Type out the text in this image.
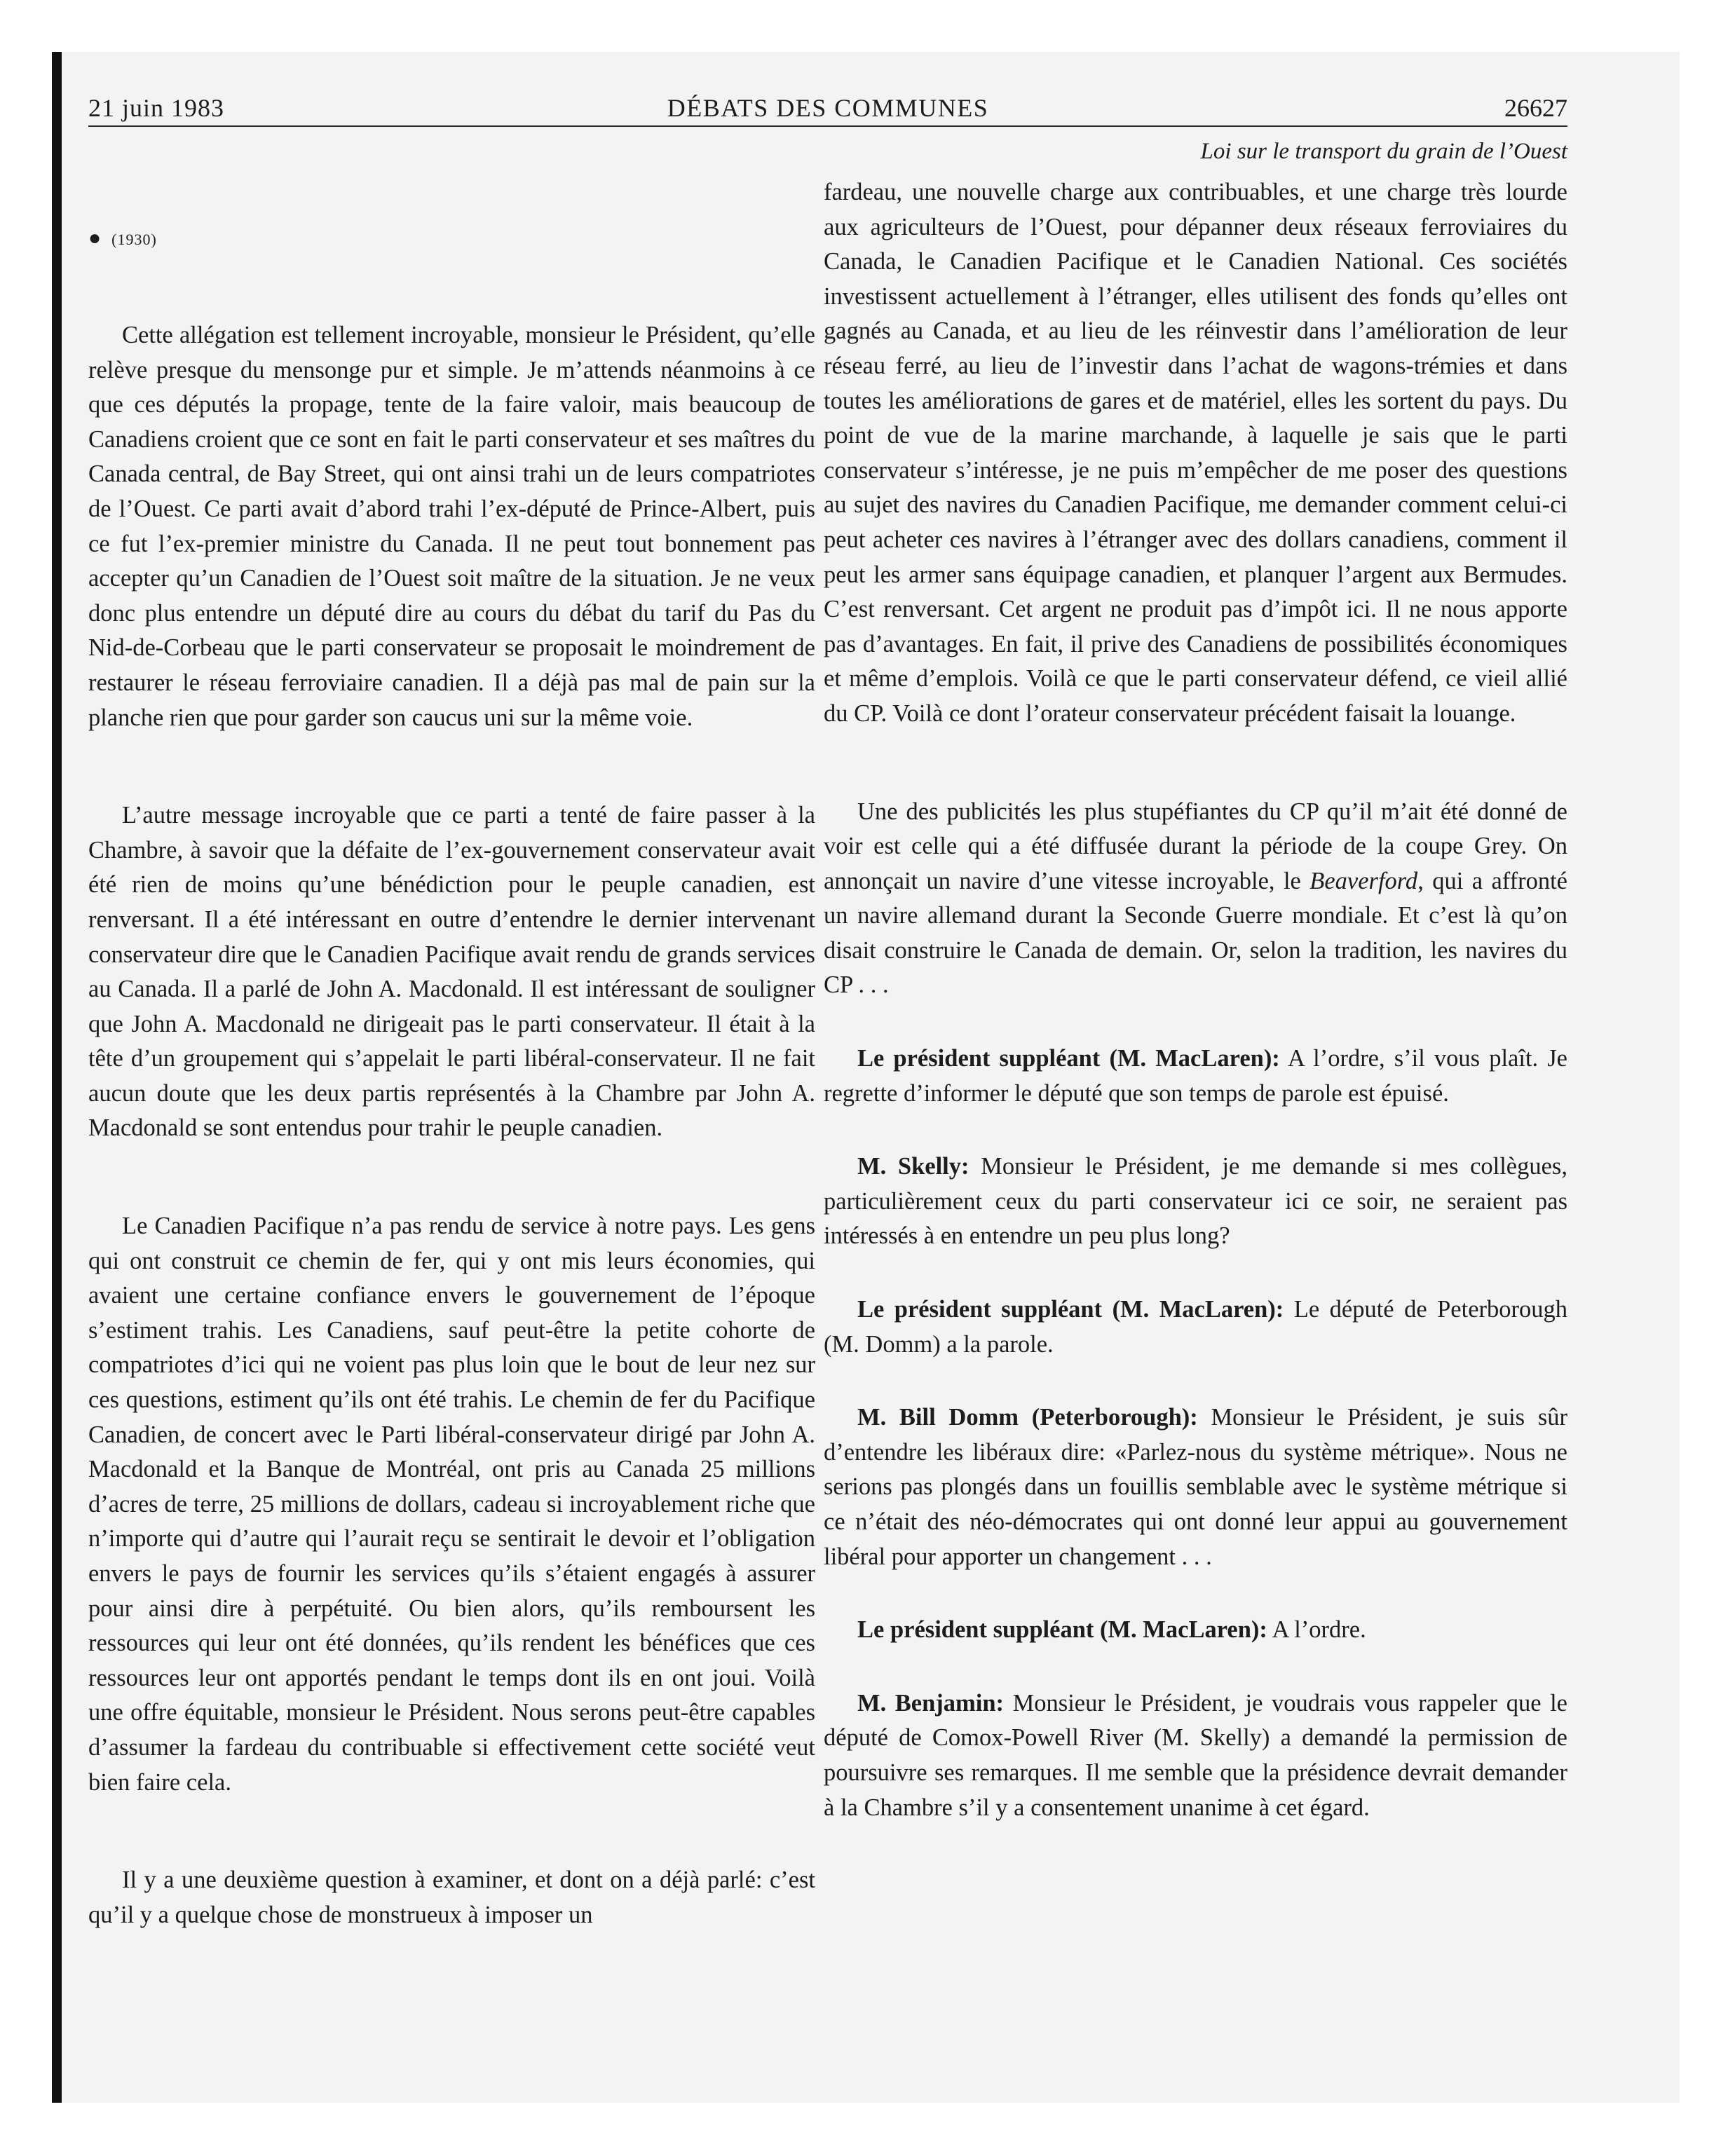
21 juin 1983	DÉBATS DES COMMUNES	26627
● (1930)

Cette allégation est tellement incroyable, monsieur le Président, qu’elle relève presque du mensonge pur et simple. Je m’attends néanmoins à ce que ces députés la propage, tente de la faire valoir, mais beaucoup de Canadiens croient que ce sont en fait le parti conservateur et ses maîtres du Canada central, de Bay Street, qui ont ainsi trahi un de leurs compatriotes de l’Ouest. Ce parti avait d’abord trahi l’ex-député de Prince-Albert, puis ce fut l’ex-premier ministre du Canada. Il ne peut tout bonnement pas accepter qu’un Canadien de l’Ouest soit maître de la situation. Je ne veux donc plus entendre un député dire au cours du débat du tarif du Pas du Nid-de-Corbeau que le parti conservateur se proposait le moindrement de restaurer le réseau ferroviaire canadien. Il a déjà pas mal de pain sur la planche rien que pour garder son caucus uni sur la même voie.

L’autre message incroyable que ce parti a tenté de faire passer à la Chambre, à savoir que la défaite de l’ex-gouvernement conservateur avait été rien de moins qu’une bénédiction pour le peuple canadien, est renversant. Il a été intéressant en outre d’entendre le dernier intervenant conservateur dire que le Canadien Pacifique avait rendu de grands services au Canada. Il a parlé de John A. Macdonald. Il est intéressant de souligner que John A. Macdonald ne dirigeait pas le parti conservateur. Il était à la tête d’un groupement qui s’appelait le parti libéral-conservateur. Il ne fait aucun doute que les deux partis représentés à la Chambre par John A. Macdonald se sont entendus pour trahir le peuple canadien.

Le Canadien Pacifique n’a pas rendu de service à notre pays. Les gens qui ont construit ce chemin de fer, qui y ont mis leurs économies, qui avaient une certaine confiance envers le gouvernement de l’époque s’estiment trahis. Les Canadiens, sauf peut-être la petite cohorte de compatriotes d’ici qui ne voient pas plus loin que le bout de leur nez sur ces questions, estiment qu’ils ont été trahis. Le chemin de fer du Pacifique Canadien, de concert avec le Parti libéral-conservateur dirigé par John A. Macdonald et la Banque de Montréal, ont pris au Canada 25 millions d’acres de terre, 25 millions de dollars, cadeau si incroyablement riche que n’importe qui d’autre qui l’aurait reçu se sentirait le devoir et l’obligation envers le pays de fournir les services qu’ils s’étaient engagés à assurer pour ainsi dire à perpétuité. Ou bien alors, qu’ils remboursent les ressources qui leur ont été données, qu’ils rendent les bénéfices que ces ressources leur ont apportés pendant le temps dont ils en ont joui. Voilà une offre équitable, monsieur le Président. Nous serons peut-être capables d’assumer la fardeau du contribuable si effectivement cette société veut bien faire cela.

Il y a une deuxième question à examiner, et dont on a déjà parlé: c’est qu’il y a quelque chose de monstrueux à imposer un

Loi sur le transport du grain de l’Ouest

fardeau, une nouvelle charge aux contribuables, et une charge très lourde aux agriculteurs de l’Ouest, pour dépanner deux réseaux ferroviaires du Canada, le Canadien Pacifique et le Canadien National. Ces sociétés investissent actuellement à l’étranger, elles utilisent des fonds qu’elles ont gagnés au Canada, et au lieu de les réinvestir dans l’amélioration de leur réseau ferré, au lieu de l’investir dans l’achat de wagons-trémies et dans toutes les améliorations de gares et de matériel, elles les sortent du pays. Du point de vue de la marine marchande, à laquelle je sais que le parti conservateur s’intéresse, je ne puis m’empêcher de me poser des questions au sujet des navires du Canadien Pacifique, me demander comment celui-ci peut acheter ces navires à l’étranger avec des dollars canadiens, comment il peut les armer sans équipage canadien, et planquer l’argent aux Bermudes. C’est renversant. Cet argent ne produit pas d’impôt ici. Il ne nous apporte pas d’avantages. En fait, il prive des Canadiens de possibilités économiques et même d’emplois. Voilà ce que le parti conservateur défend, ce vieil allié du CP. Voilà ce dont l’orateur conservateur précédent faisait la louange.

Une des publicités les plus stupéfiantes du CP qu’il m’ait été donné de voir est celle qui a été diffusée durant la période de la coupe Grey. On annonçait un navire d’une vitesse incroyable, le Beaverford, qui a affronté un navire allemand durant la Seconde Guerre mondiale. Et c’est là qu’on disait construire le Canada de demain. Or, selon la tradition, les navires du CP . . .

Le président suppléant (M. MacLaren): A l’ordre, s’il vous plaît. Je regrette d’informer le député que son temps de parole est épuisé.

M. Skelly: Monsieur le Président, je me demande si mes collègues, particulièrement ceux du parti conservateur ici ce soir, ne seraient pas intéressés à en entendre un peu plus long?

Le président suppléant (M. MacLaren): Le député de Peterborough (M. Domm) a la parole.

M. Bill Domm (Peterborough): Monsieur le Président, je suis sûr d’entendre les libéraux dire: «Parlez-nous du système métrique». Nous ne serions pas plongés dans un fouillis semblable avec le système métrique si ce n’était des néo-démocrates qui ont donné leur appui au gouvernement libéral pour apporter un changement . . .

Le président suppléant (M. MacLaren): A l’ordre.

M. Benjamin: Monsieur le Président, je voudrais vous rappeler que le député de Comox-Powell River (M. Skelly) a demandé la permission de poursuivre ses remarques. Il me semble que la présidence devrait demander à la Chambre s’il y a consentement unanime à cet égard.
